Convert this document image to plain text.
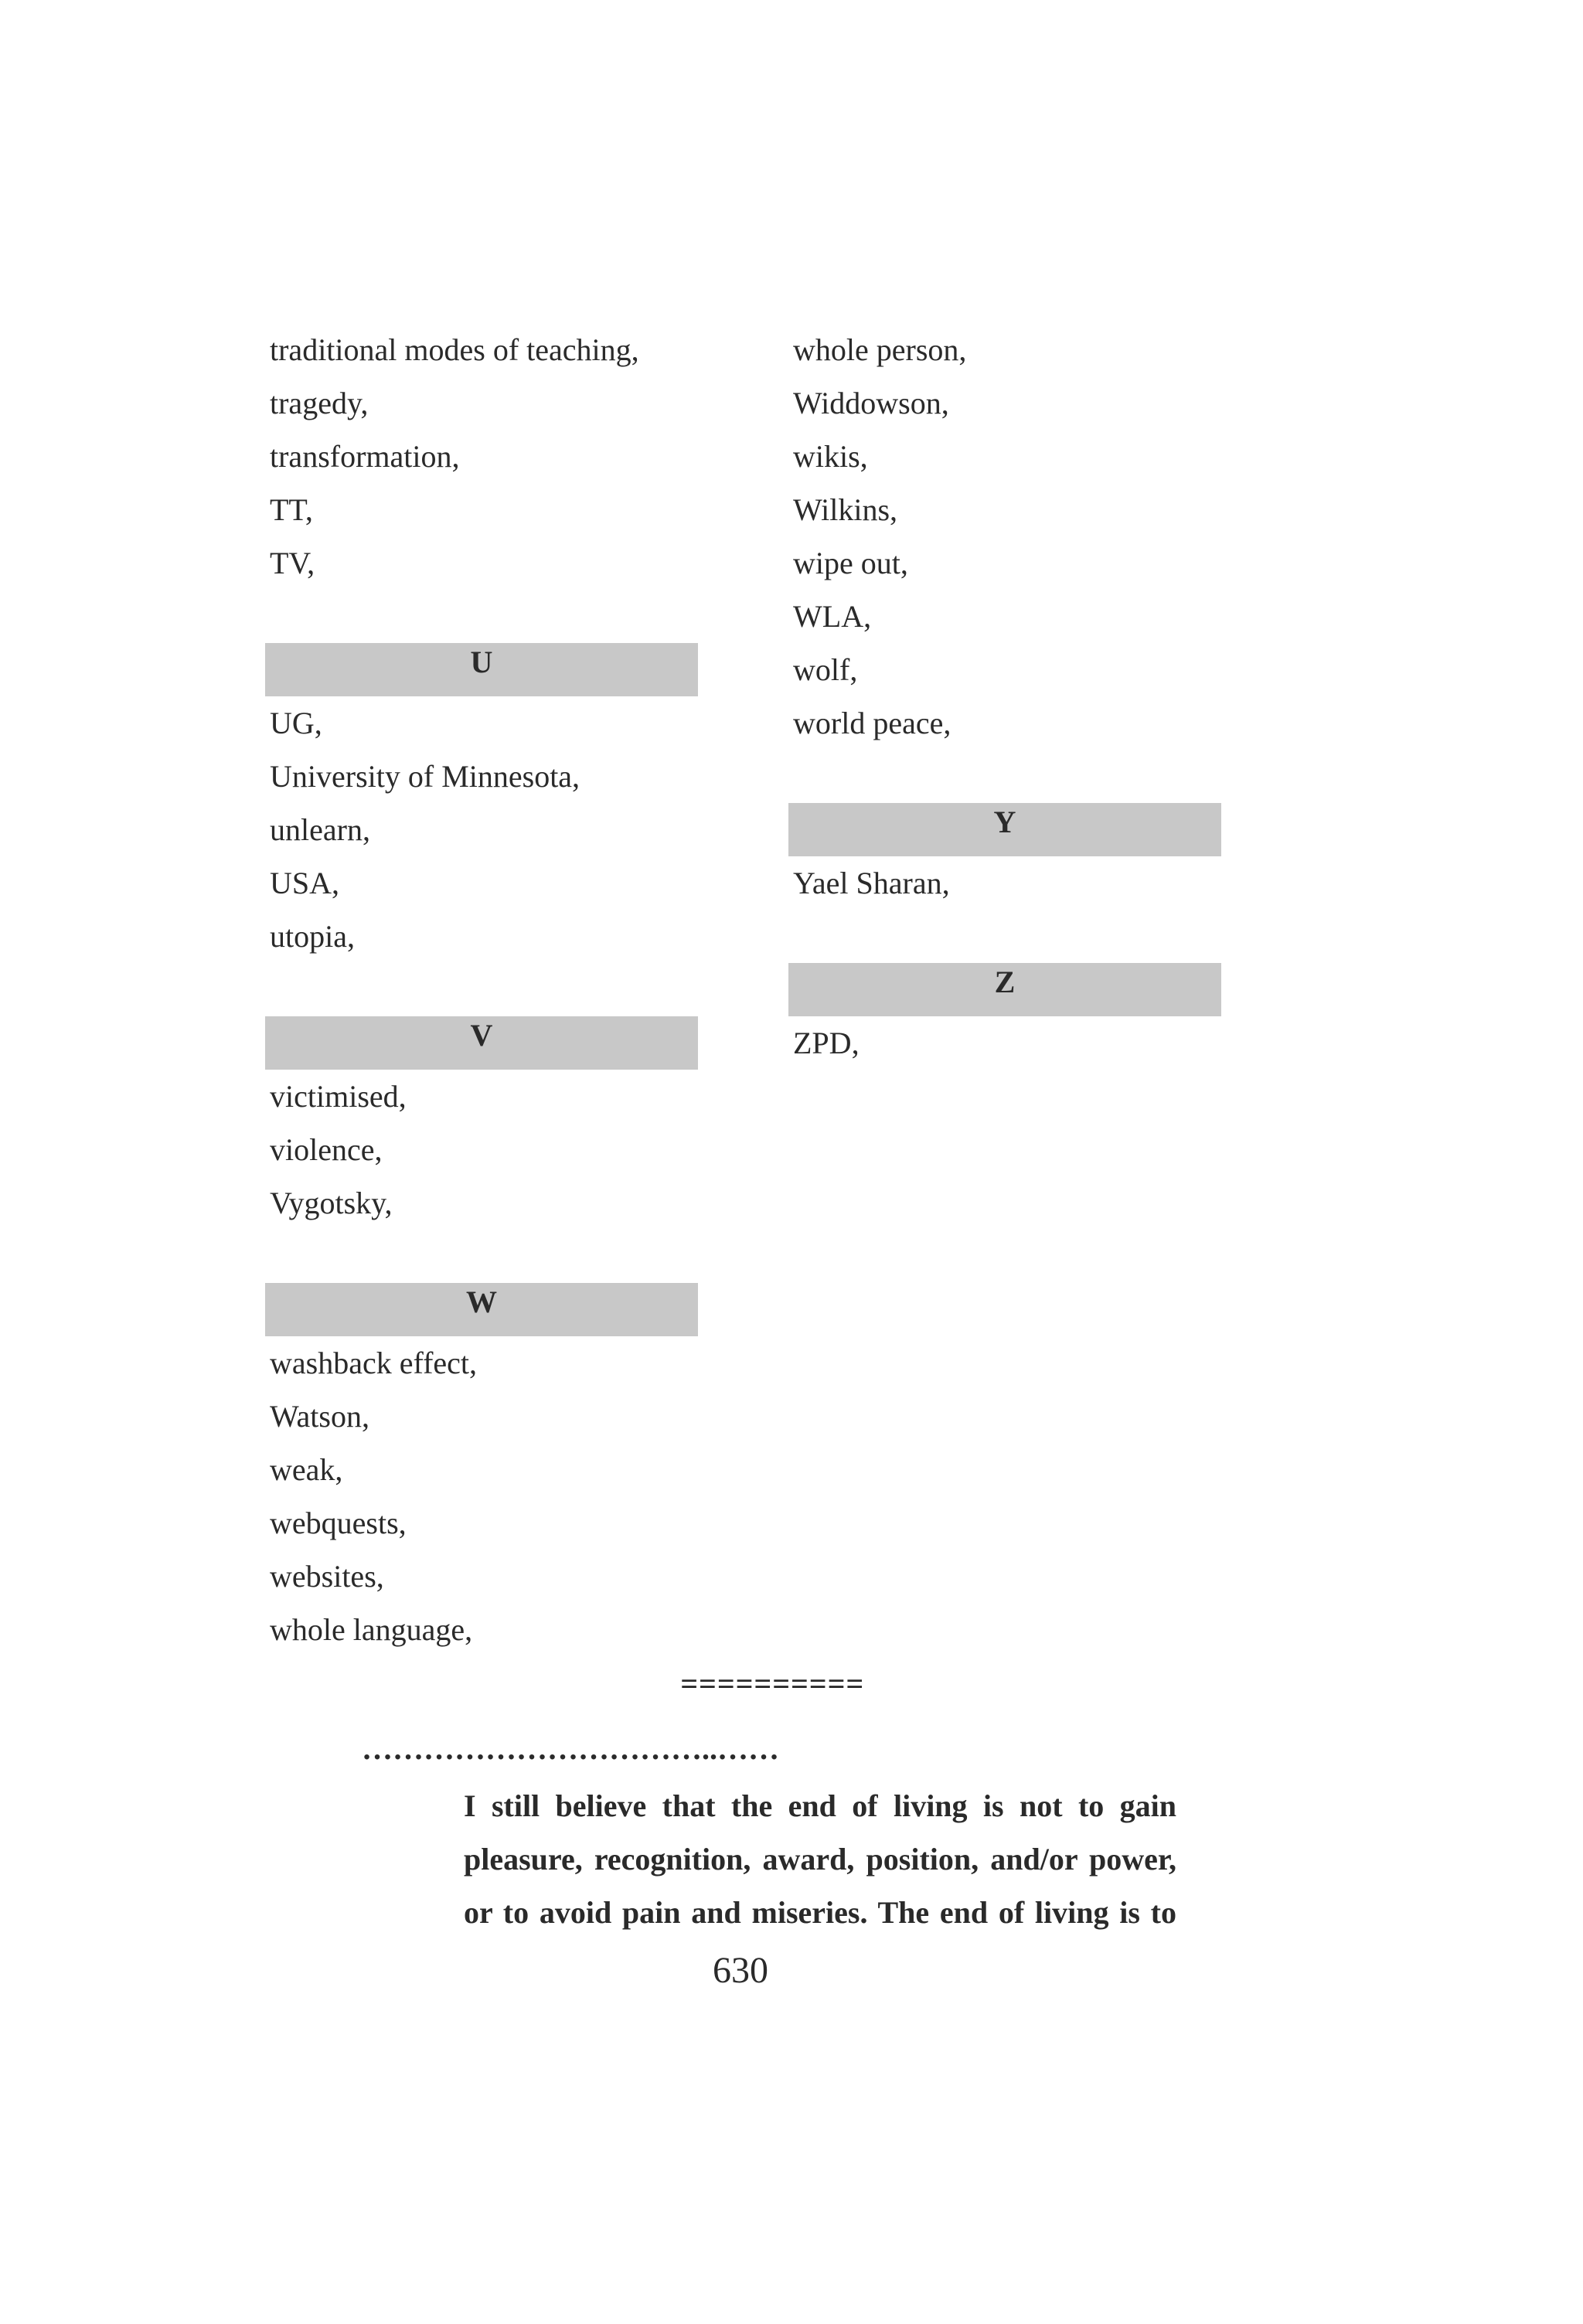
traditional modes of teaching,
tragedy,
transformation,
TT,
TV,
U
UG,
University of Minnesota,
unlearn,
USA,
utopia,
V
victimised,
violence,
Vygotsky,
W
washback effect,
Watson,
weak,
webquests,
websites,
whole language,
whole person,
Widdowson,
wikis,
Wilkins,
wipe out,
WLA,
wolf,
world peace,
Y
Yael Sharan,
Z
ZPD,
==========
……………………………..……
I still believe that the end of living is not to gain
pleasure, recognition, award, position, and/or power,
or to avoid pain and miseries. The end of living is to
630
